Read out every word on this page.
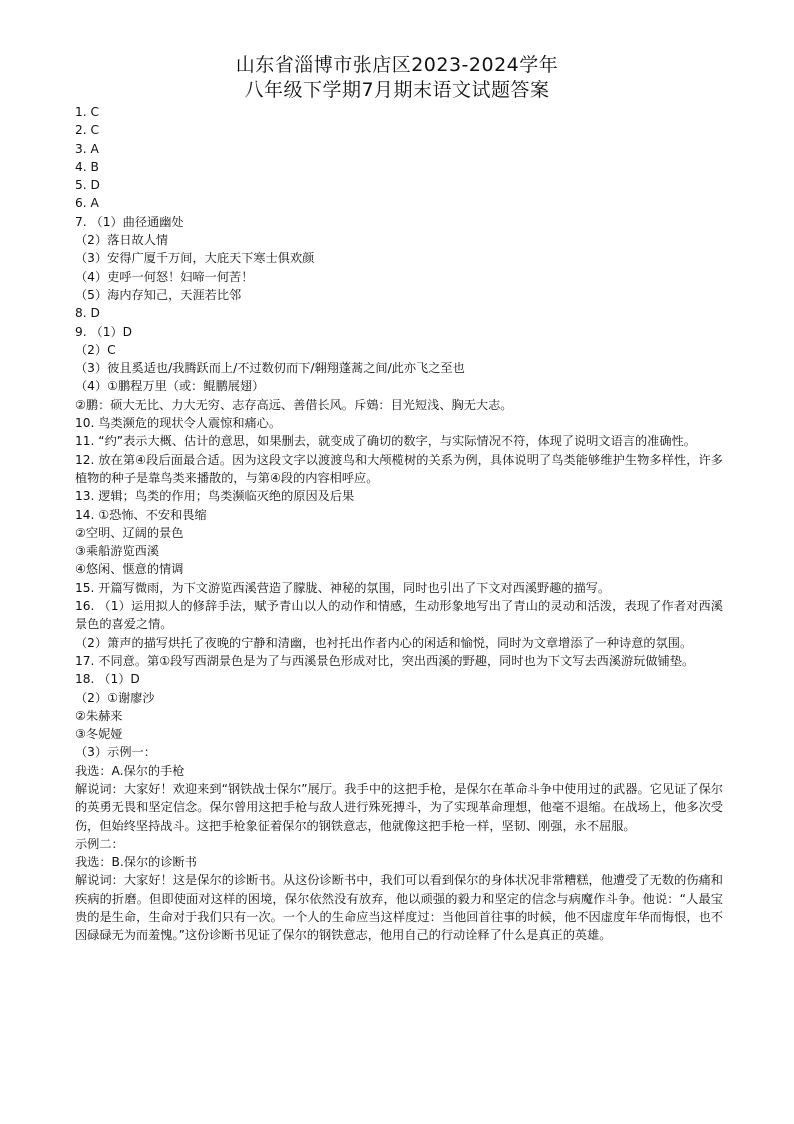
山东省淄博市张店区2023-2024学年
八年级下学期7月期末语文试题答案
1. C
2. C
3. A
4. B
5. D
6. A
7. （1）曲径通幽处
（2）落日故人情
（3）安得广厦千万间，大庇天下寒士俱欢颜
（4）吏呼一何怒！妇啼一何苦！
（5）海内存知己，天涯若比邻
8. D
9. （1）D
（2）C
（3）彼且奚适也/我腾跃而上/不过数仞而下/翱翔蓬蒿之间/此亦飞之至也
（4）①鹏程万里（或：鲲鹏展翅）
②鹏：硕大无比、力大无穷、志存高远、善借长风。斥鴳：目光短浅、胸无大志。
10. 鸟类濒危的现状令人震惊和痛心。
11. “约”表示大概、估计的意思，如果删去，就变成了确切的数字，与实际情况不符，体现了说明文语言的准确性。
12. 放在第④段后面最合适。因为这段文字以渡渡鸟和大颅榄树的关系为例，具体说明了鸟类能够维护生物多样性，许多植物的种子是靠鸟类来播散的，与第④段的内容相呼应。
13. 逻辑；鸟类的作用；鸟类濒临灭绝的原因及后果
14. ①恐怖、不安和畏缩
②空明、辽阔的景色
③乘船游览西溪
④悠闲、惬意的情调
15. 开篇写微雨，为下文游览西溪营造了朦胧、神秘的氛围，同时也引出了下文对西溪野趣的描写。
16. （1）运用拟人的修辞手法，赋予青山以人的动作和情感，生动形象地写出了青山的灵动和活泼，表现了作者对西溪景色的喜爱之情。
（2）箫声的描写烘托了夜晚的宁静和清幽，也衬托出作者内心的闲适和愉悦，同时为文章增添了一种诗意的氛围。
17. 不同意。第①段写西湖景色是为了与西溪景色形成对比，突出西溪的野趣，同时也为下文写去西溪游玩做铺垫。
18. （1）D
（2）①谢廖沙
②朱赫来
③冬妮娅
（3）示例一：
我选：A.保尔的手枪
解说词：大家好！欢迎来到“钢铁战士保尔”展厅。我手中的这把手枪，是保尔在革命斗争中使用过的武器。它见证了保尔的英勇无畏和坚定信念。保尔曾用这把手枪与敌人进行殊死搏斗，为了实现革命理想，他毫不退缩。在战场上，他多次受伤，但始终坚持战斗。这把手枪象征着保尔的钢铁意志，他就像这把手枪一样，坚韧、刚强，永不屈服。
示例二：
我选：B.保尔的诊断书
解说词：大家好！这是保尔的诊断书。从这份诊断书中，我们可以看到保尔的身体状况非常糟糕，他遭受了无数的伤痛和疾病的折磨。但即使面对这样的困境，保尔依然没有放弃，他以顽强的毅力和坚定的信念与病魔作斗争。他说：“人最宝贵的是生命，生命对于我们只有一次。一个人的生命应当这样度过：当他回首往事的时候，他不因虚度年华而悔恨，也不因碌碌无为而羞愧。”这份诊断书见证了保尔的钢铁意志，他用自己的行动诠释了什么是真正的英雄。
